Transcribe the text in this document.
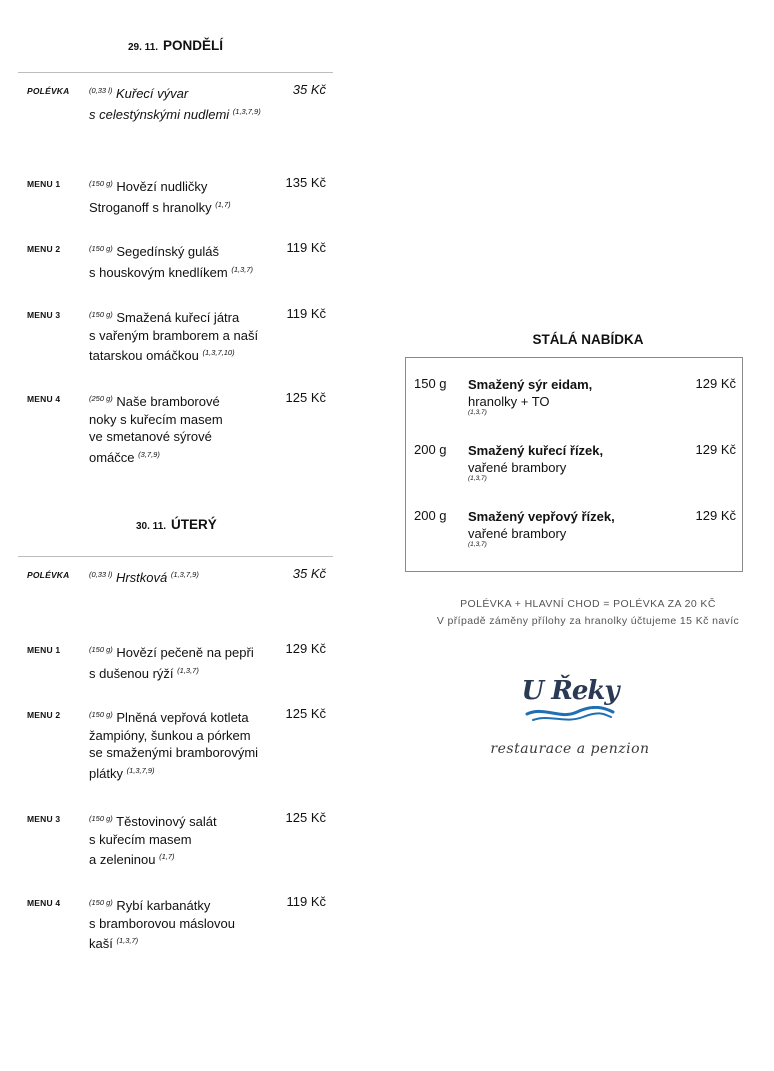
29. 11. PONDĚLÍ
POLÉVKA	$^{(0,33 l)}$ Kuřecí vývar
s celestýnskými nudlemi $^{(1,3,7,9)}$
35 Kč
MENU 1	$^{(150 g)}$ Hovězí nudličky
Stroganoff s hranolky $^{(1,7)}$
135 Kč
MENU 2	$^{(150 g)}$ Segedínský guláš
s houskovým knedlíkem $^{(1,3,7)}$
119 Kč
MENU 3	$^{(150 g)}$ Smažená kuřecí játra
s vařeným bramborem a naší
tatarskou omáčkou $^{(1,3,7,10)}$
119 Kč
MENU 4	$^{(250 g)}$ Naše bramborové
noky s kuřecím masem
ve smetanové sýrové
omáčce $^{(3,7,9)}$
125 Kč
30. 11. ÚTERÝ
POLÉVKA	$^{(0,33 l)}$ Hrstková $^{(1,3,7,9)}$	35 Kč
MENU 1	$^{(150 g)}$ Hovězí pečeně na pepři
s dušenou rýží $^{(1,3,7)}$
129 Kč
MENU 2	$^{(150 g)}$ Plněná vepřová kotleta
žampióny, šunkou a pórkem
se smaženými bramborovými
plátky $^{(1,3,7,9)}$
125 Kč
MENU 3	$^{(150 g)}$ Těstovinový salát
s kuřecím masem
a zeleninou $^{(1,7)}$
125 Kč
MENU 4	$^{(150 g)}$ Rybí karbanátky
s bramborovou máslovou
kaší $^{(1,3,7)}$
119 Kč
STÁLÁ NABÍDKA
150 g Smažený sýr eidam,
hranolky + TO
(1,3,7)
129 Kč
200 g Smažený kuřecí řízek,
vařené brambory
(1,3,7)
129 Kč
200 g Smažený vepřový řízek,
vařené brambory
(1,3,7)
129 Kč
POLÉVKA + HLAVNÍ CHOD = POLÉVKA ZA 20 KČ
V případě záměny přílohy za hranolky účtujeme 15 Kč navíc
U Řeky
restaurace a penzion
